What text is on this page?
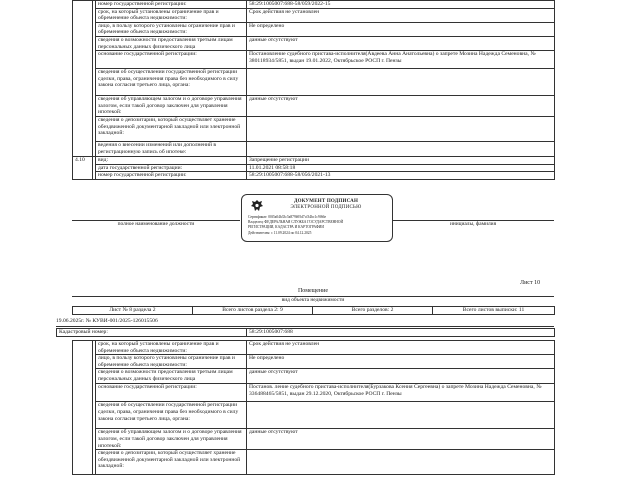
		номер государственной регистрации:	58:29:1005007:688-58/059/2022-15
		срок, на который установлены ограничение прав и обременение объекта недвижимости:	Срок действия не установлен
		лицо, в пользу которого установлены ограничение прав и обременение объекта недвижимости:	Не определено
		сведения о возможности предоставления третьим лицам персональных данных физического лица	данные отсутствуют
		основание государственной регистрации:	Постановление судебного пристава-исполнителя(Авдеева Анна Анатольевна) о запрете Мозина Надежда Семеновна, № 380118934/5851, выдан 19.01.2022, Октябрьское РОСП г. Пензы
		сведения об осуществлении государственной регистрации сделки, права, ограничения права без необходимого в силу закона согласия третьего лица, органа:	
		сведения об управляющем залогом и о договоре управления залогом, если такой договор заключен для управления ипотекой:	данные отсутствуют
		сведения о депозитарии, который осуществляет хранение обездвиженной документарной закладной или электронной закладной:	
		ведения о внесении изменений или дополнений в регистрационную запись об ипотеке:	
4.10		вид:	Запрещение регистрации
		дата государственной регистрации:	11.01.2021 08:58:18
		номер государственной регистрации:	58:29:1005007:688-58/056/2021-13
ДОКУМЕНТ ПОДПИСАН
ЭЛЕКТРОННОЙ ПОДПИСЬЮ
Сертификат: 00f5a04b33c5a879b95d7cf34bc1c9f66e
Владелец: ФЕДЕРАЛЬНАЯ СЛУЖБА ГОСУДАРСТВЕННОЙ
РЕГИСТРАЦИИ, КАДАСТРА И КАРТОГРАФИИ
Действителен: с 11.09.2024 по 04.12.2025
полное наименование должности	инициалы, фамилия
Лист 10
Помещение
вид объекта недвижимости
Лист № 8 раздела 2	Всего листов раздела 2: 9	Всего разделов: 2	Всего листов выписки: 11
19.06.2025г. № КУВИ-001/2025-126015506
Кадастровый номер:	58:29:1005007:688
		срок, на который установлены ограничение прав и обременение объекта недвижимости:	Срок действия не установлен
		лицо, в пользу которого установлены ограничение прав и обременение объекта недвижимости:	Не определено
		сведения о возможности предоставления третьим лицам персональных данных физического лица	данные отсутствуют
		основание государственной регистрации:	Постанов. ление судебного пристава-исполнителя(Бурзакова Ксения Сергеевна) о запрете Мозина Надежда Семеновна, № 336488465/5851, выдан 29.12.2020, Октябрьское РОСП г. Пензы
		сведения об осуществлении государственной регистрации сделки, права, ограничения права без необходимого в силу закона согласия третьего лица, органа:	
		сведения об управляющем залогом и о договоре управления залогом, если такой договор заключен для управления ипотекой:	данные отсутствуют
		сведения о депозитарии, который осуществляет хранение обездвиженной документарной закладной или электронной закладной:	
